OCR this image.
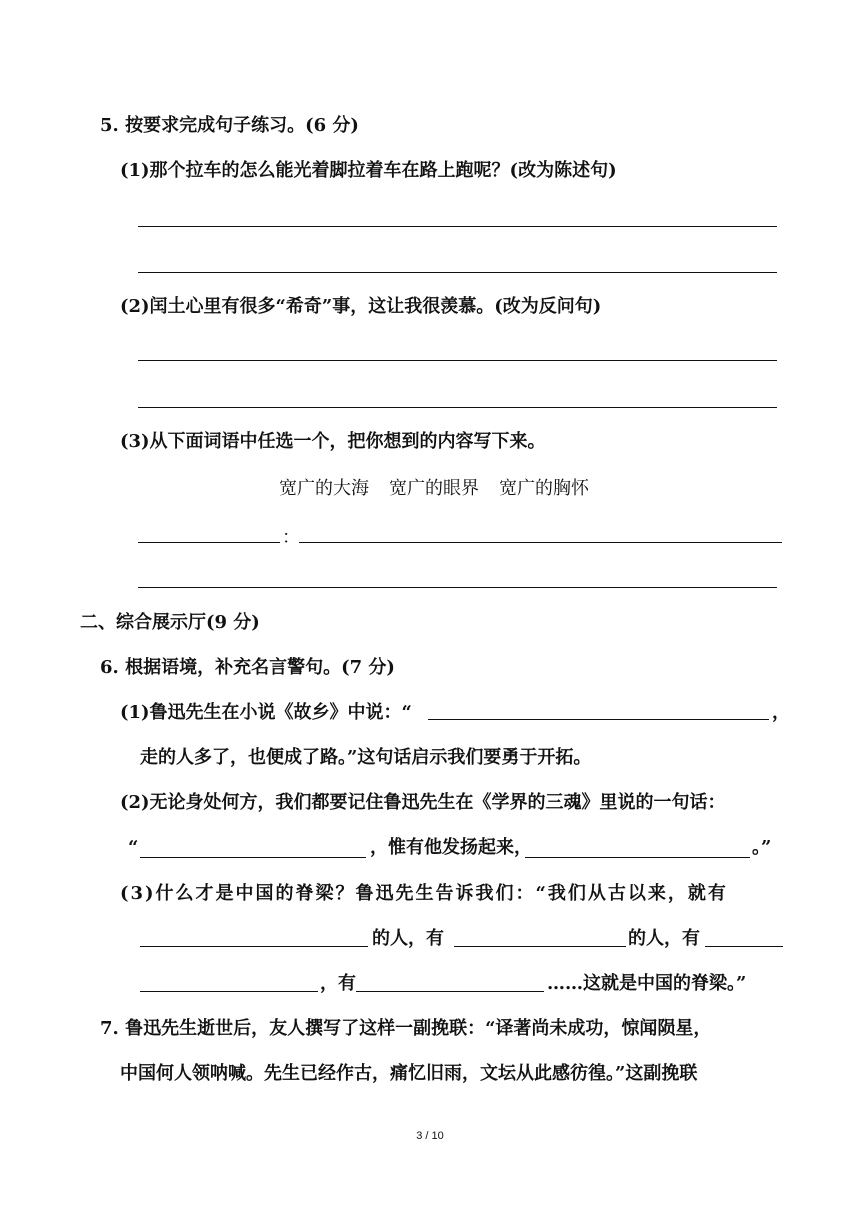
5. 按要求完成句子练习。(6 分)
(1)那个拉车的怎么能光着脚拉着车在路上跑呢？(改为陈述句)
(2)闰土心里有很多“希奇”事，这让我很羡慕。(改为反问句)
(3)从下面词语中任选一个，把你想到的内容写下来。
宽广的大海 宽广的眼界 宽广的胸怀
：
二、综合展示厅(9 分)
6. 根据语境，补充名言警句。(7 分)
(1)鲁迅先生在小说《故乡》中说：“	，
走的人多了，也便成了路。”这句话启示我们要勇于开拓。
(2)无论身处何方，我们都要记住鲁迅先生在《学界的三魂》里说的一句话：
“	，惟有他发扬起来，	。”
(3)什么才是中国的脊梁？鲁迅先生告诉我们：“我们从古以来，就有
的人，有	的人，有
，有	……这就是中国的脊梁。”
7. 鲁迅先生逝世后，友人撰写了这样一副挽联：“译著尚未成功，惊闻陨星，
中国何人领呐喊。先生已经作古，痛忆旧雨，文坛从此感彷徨。”这副挽联
3 / 10
